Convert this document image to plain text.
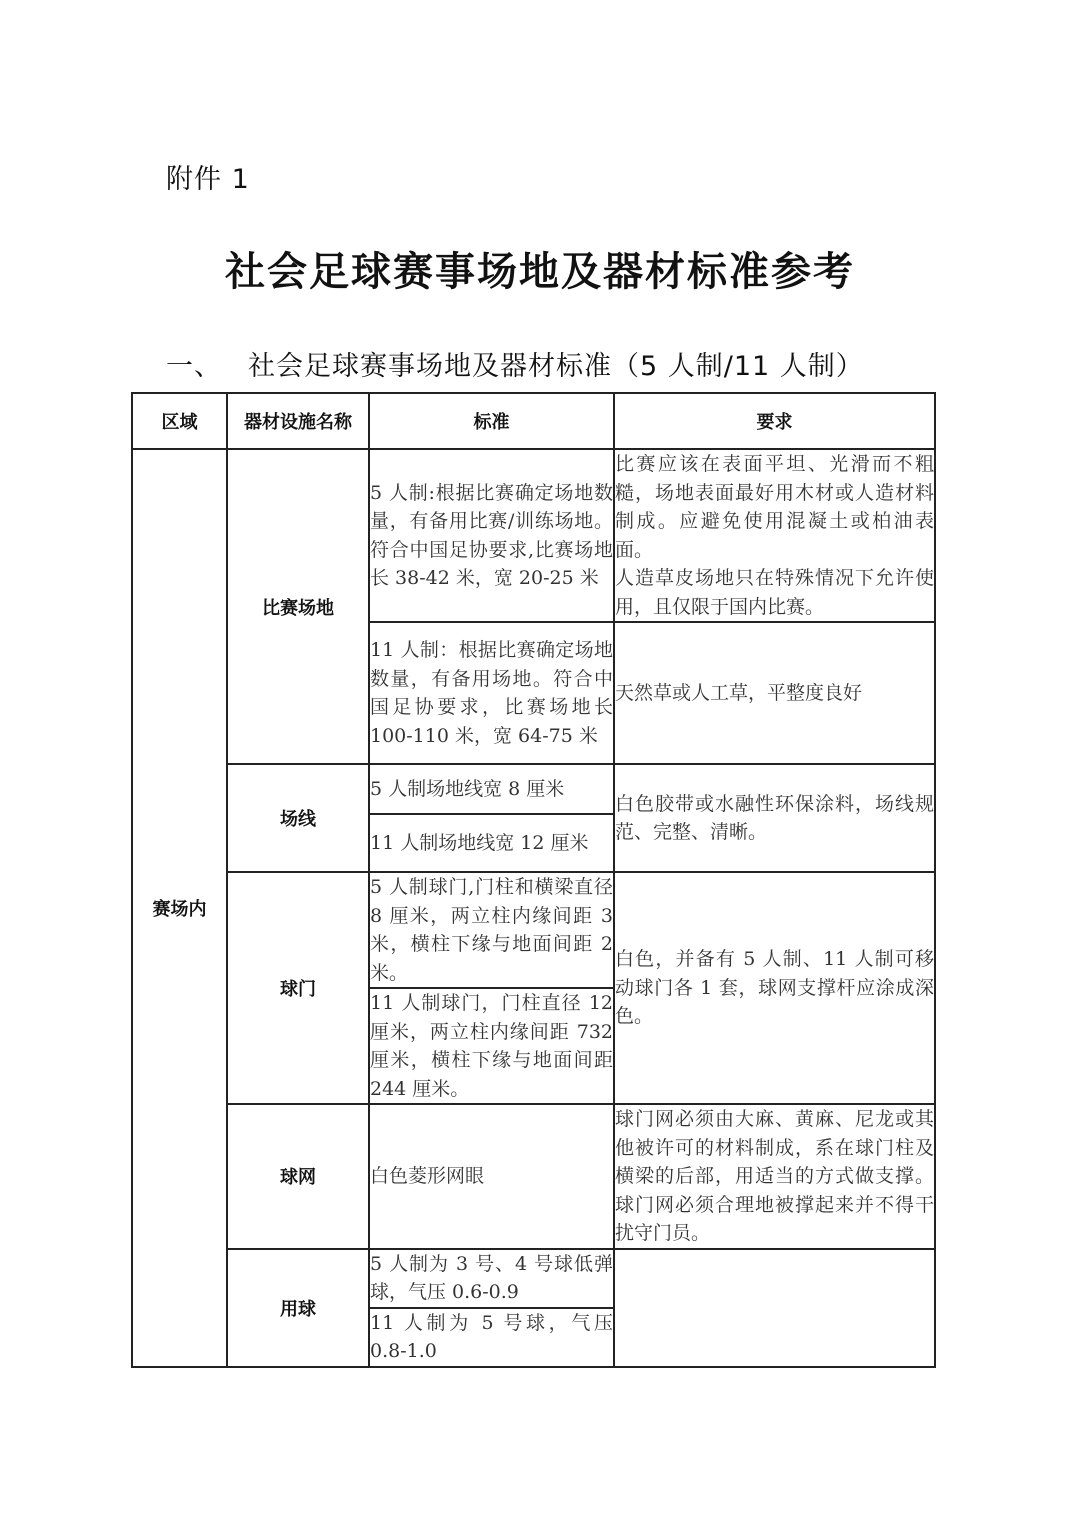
附件 1
社会足球赛事场地及器材标准参考
一、 社会足球赛事场地及器材标准（5 人制/11 人制）
区域	器材设施名称	标准	要求
赛场内	比赛场地	5 人制:根据比赛确定场地数量，有备用比赛/训练场地。符合中国足协要求,比赛场地长 38-42 米，宽 20-25 米	比赛应该在表面平坦、光滑而不粗糙，场地表面最好用木材或人造材料制成。应避免使用混凝土或柏油表面。
人造草皮场地只在特殊情况下允许使用，且仅限于国内比赛。
		11 人制：根据比赛确定场地数量，有备用场地。符合中国足协要求，比赛场地长 100-110 米，宽 64-75 米	天然草或人工草，平整度良好
	场线	5 人制场地线宽 8 厘米	白色胶带或水融性环保涂料，场线规范、完整、清晰。
		11 人制场地线宽 12 厘米	
	球门	5 人制球门,门柱和横梁直径 8 厘米，两立柱内缘间距 3 米，横柱下缘与地面间距 2 米。	白色，并备有 5 人制、11 人制可移动球门各 1 套，球网支撑杆应涂成深色。
		11 人制球门，门柱直径 12 厘米，两立柱内缘间距 732 厘米，横柱下缘与地面间距 244 厘米。	
	球网	白色菱形网眼	球门网必须由大麻、黄麻、尼龙或其他被许可的材料制成，系在球门柱及横梁的后部，用适当的方式做支撑。球门网必须合理地被撑起来并不得干扰守门员。
	用球	5 人制为 3 号、4 号球低弹球，气压 0.6-0.9	
		11 人制为 5 号球，气压 0.8-1.0	
